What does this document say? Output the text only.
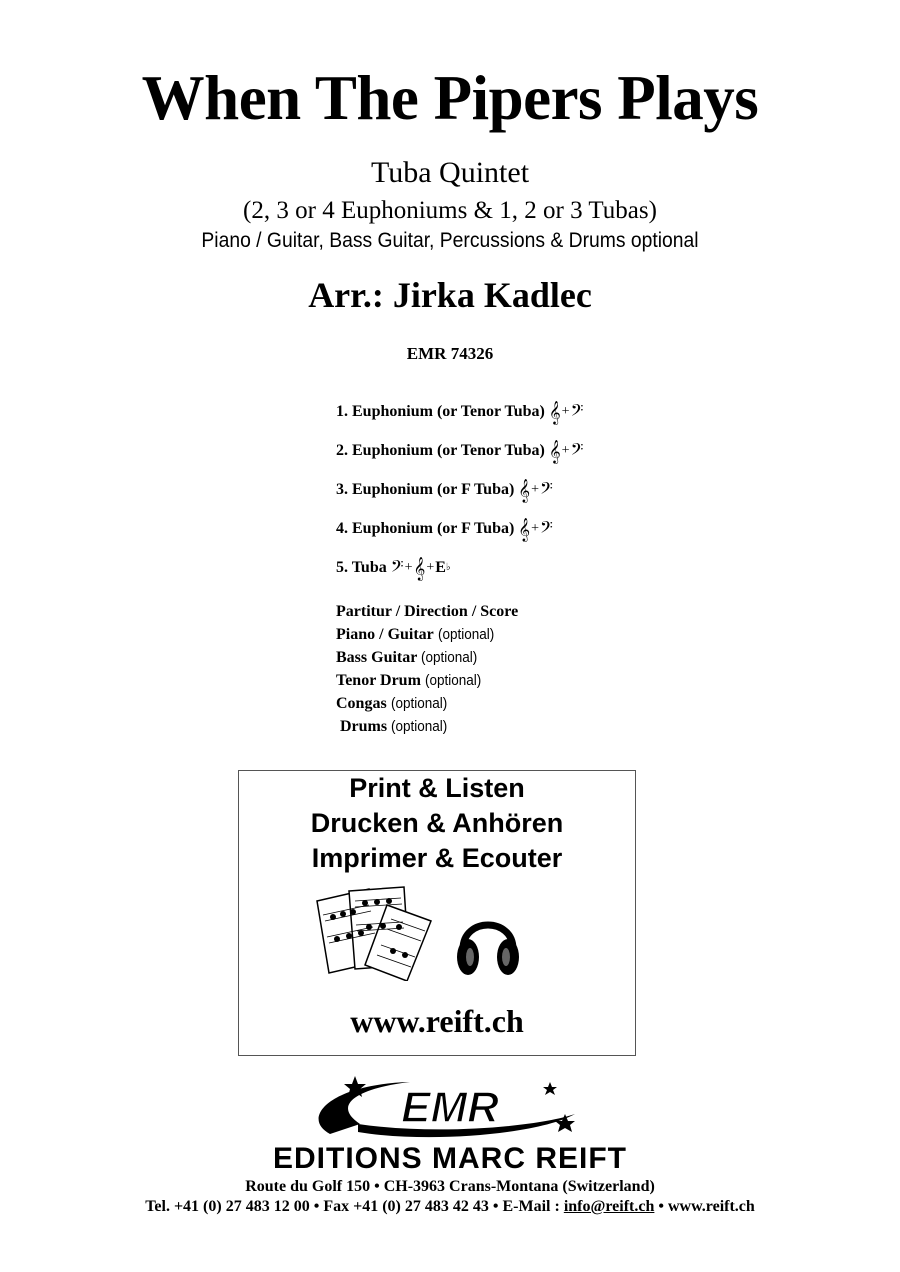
When The Pipers Plays
Tuba Quintet
(2, 3 or 4 Euphoniums & 1, 2 or 3 Tubas)
Piano / Guitar, Bass Guitar, Percussions & Drums optional
Arr.: Jirka Kadlec
EMR 74326
1. Euphonium (or Tenor Tuba)
𝄞 + 𝄢
2. Euphonium (or Tenor Tuba)
𝄞 + 𝄢
3. Euphonium (or F Tuba)
𝄞 + 𝄢
4. Euphonium (or F Tuba)
𝄞 + 𝄢
5. Tuba
𝄢 + 𝄞 + E ♭
Partitur / Direction / Score
Piano / Guitar (optional)
Bass Guitar (optional)
Tenor Drum (optional)
Congas (optional)
Drums (optional)
Print & Listen
Drucken & Anhören
Imprimer & Ecouter
www.reift.ch
EMR
EDITIONS MARC REIFT
Route du Golf 150 • CH-3963 Crans-Montana (Switzerland)
Tel. +41 (0) 27 483 12 00 • Fax +41 (0) 27 483 42 43 • E-Mail : info@reift.ch • www.reift.ch
